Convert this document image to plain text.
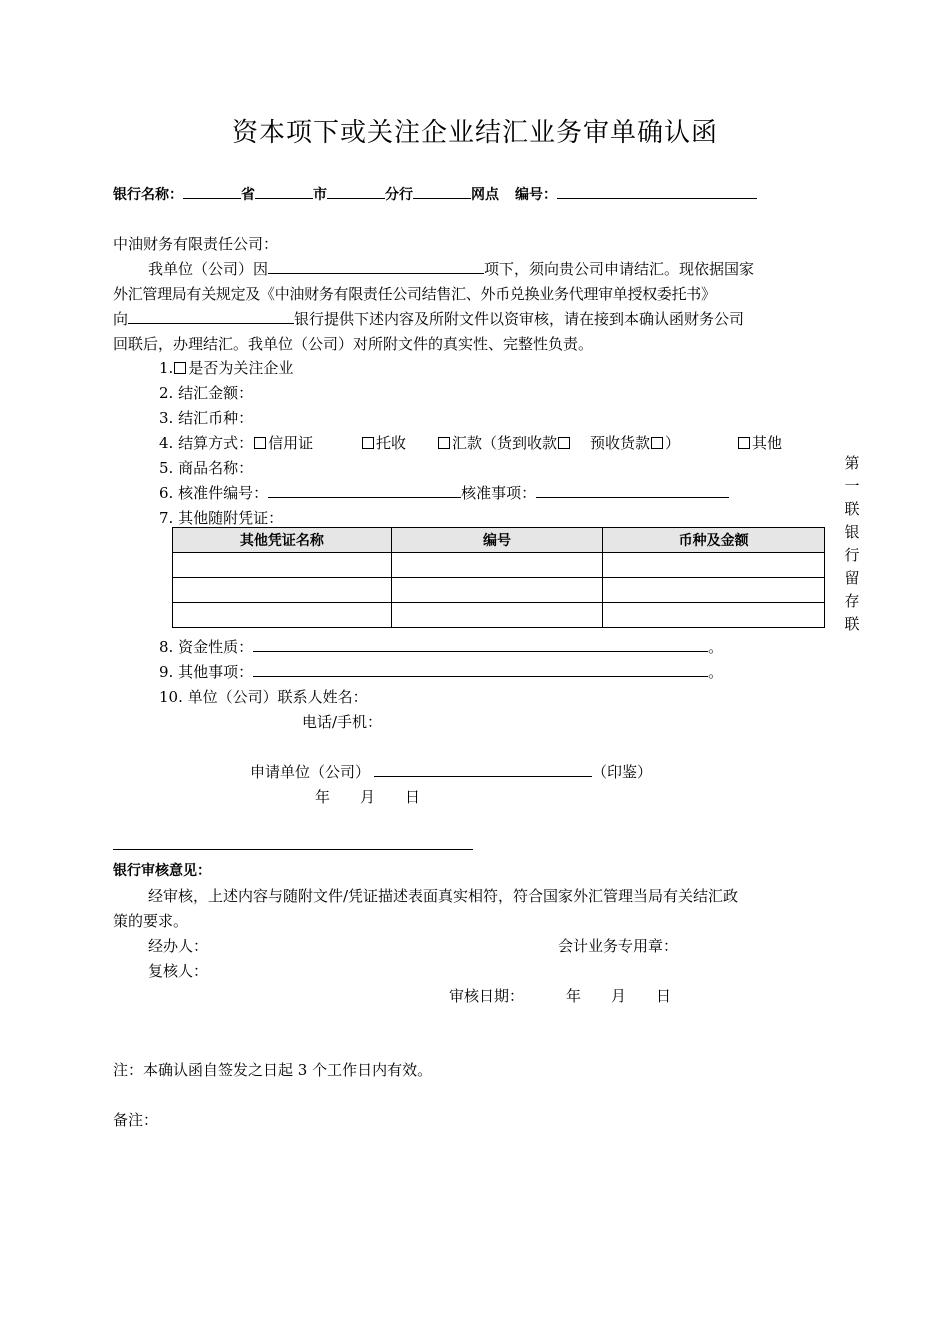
资本项下或关注企业结汇业务审单确认函
银行名称：	省	市	分行	网点 编号：
中油财务有限责任公司：
我单位（公司）因	项下，须向贵公司申请结汇。现依据国家
外汇管理局有关规定及《中油财务有限责任公司结售汇、外币兑换业务代理审单授权委托书》
向	银行提供下述内容及所附文件以资审核，请在接到本确认函财务公司
回联后，办理结汇。我单位（公司）对所附文件的真实性、完整性负责。
1. 是否为关注企业
2. 结汇金额：
3. 结汇币种：
4. 结算方式： 信用证	托收	汇款（货到收款 预收货款 ）	其他
5. 商品名称：
6. 核准件编号：	核准事项：
7. 其他随附凭证：
其他凭证名称	编号	币种及金额

8. 资金性质：	。
9. 其他事项：	。
10. 单位（公司）联系人姓名：
电话/手机：
申请单位（公司）	（印鉴）
年　　月　　日
银行审核意见：
经审核，上述内容与随附文件/凭证描述表面真实相符，符合国家外汇管理当局有关结汇政
策的要求。
经办人：	会计业务专用章：
复核人：
审核日期：	年　　月　　日
注：本确认函自签发之日起 3 个工作日内有效。
备注：
第一联银行留存联
